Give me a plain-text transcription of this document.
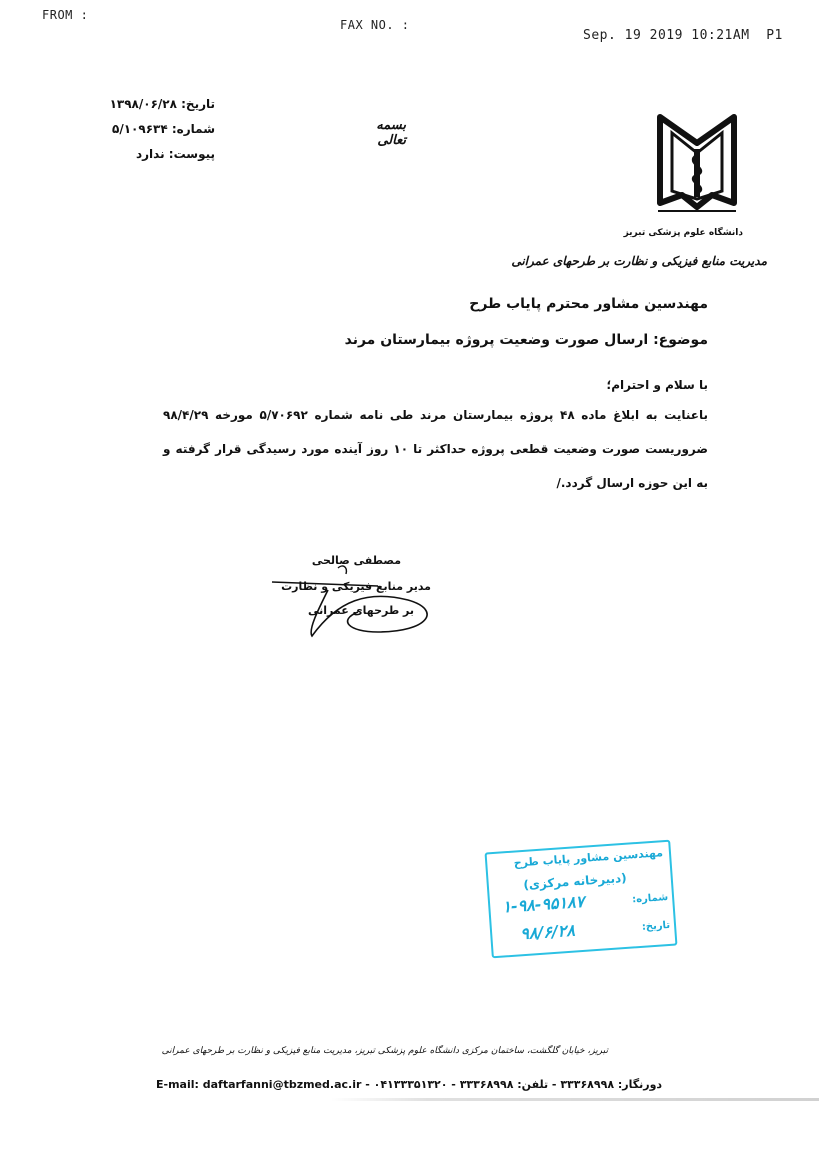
FROM :
FAX NO. :
Sep. 19 2019 10:21AM P1
تاریخ: ۱۳۹۸/۰۶/۲۸
شماره: ۵/۱۰۹۶۳۴
پیوست: ندارد
بسمه تعالی
دانشگاه علوم پزشکی تبریز
مدیریت منابع فیزیکی و نظارت بر طرحهای عمرانی
مهندسین مشاور محترم پایاب طرح
موضوع: ارسال صورت وضعیت پروژه بیمارستان مرند
با سلام و احترام؛
باعنایت به ابلاغ ماده ۴۸ پروژه بیمارستان مرند طی نامه شماره ۵/۷۰۶۹۲ مورخه ۹۸/۴/۲۹ ضروریست صورت وضعیت قطعی پروژه حداکثر تا ۱۰ روز آینده مورد رسیدگی قرار گرفته و به این حوزه ارسال گردد./
مصطفی صالحی
مدیر منابع فیزیکی و نظارت
بر طرحهای عمرانی
مهندسین مشاور پایاب طرح
(دبیرخانه مرکزی)
شماره:
۱-۹۸-۹۵۱۸۷
تاریخ:
۹۸/۶/۲۸
تبریز، خیابان گلگشت، ساختمان مرکزی دانشگاه علوم پزشکی تبریز، مدیریت منابع فیزیکی و نظارت بر طرحهای عمرانی
E-mail: daftarfanni@tbzmed.ac.ir - ۰۴۱۳۳۳۵۱۳۲۰ - دورنگار: ۳۳۳۶۸۹۹۸ - تلفن: ۳۳۳۶۸۹۹۸
